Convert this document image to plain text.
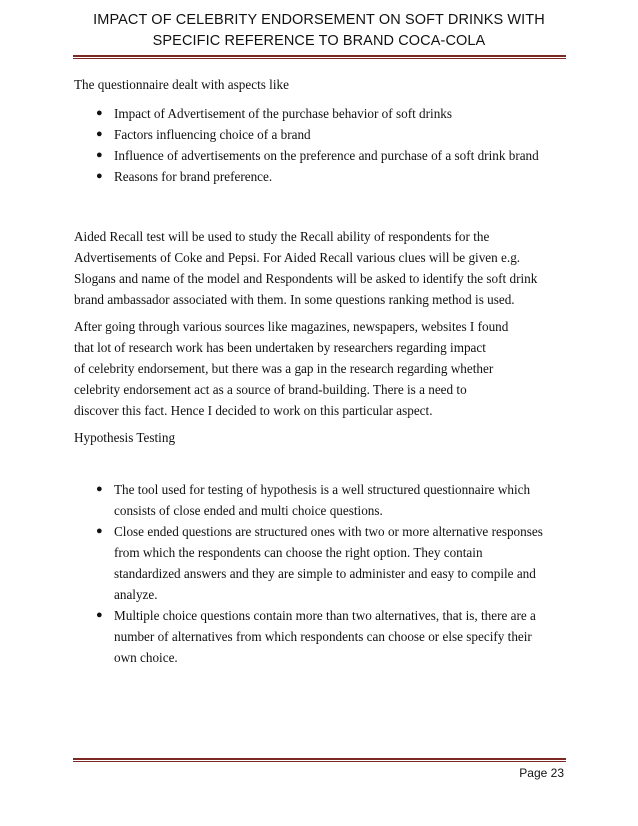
IMPACT OF CELEBRITY ENDORSEMENT ON SOFT DRINKS WITH
SPECIFIC REFERENCE TO BRAND COCA-COLA

The questionnaire dealt with aspects like

● Impact of Advertisement of the purchase behavior of soft drinks
● Factors influencing choice of a brand
● Influence of advertisements on the preference and purchase of a soft drink brand
● Reasons for brand preference.

Aided Recall test will be used to study the Recall ability of respondents for the Advertisements of Coke and Pepsi. For Aided Recall various clues will be given e.g. Slogans and name of the model and Respondents will be asked to identify the soft drink brand ambassador associated with them. In some questions ranking method is used.

After going through various sources like magazines, newspapers, websites I found
that lot of research work has been undertaken by researchers regarding impact
of celebrity endorsement, but there was a gap in the research regarding whether
celebrity endorsement act as a source of brand-building. There is a need to
discover this fact. Hence I decided to work on this particular aspect.

Hypothesis Testing

● The tool used for testing of hypothesis is a well structured questionnaire which consists of close ended and multi choice questions.
● Close ended questions are structured ones with two or more alternative responses from which the respondents can choose the right option. They contain standardized answers and they are simple to administer and easy to compile and analyze.
● Multiple choice questions contain more than two alternatives, that is, there are a number of alternatives from which respondents can choose or else specify their own choice.
Page 23
